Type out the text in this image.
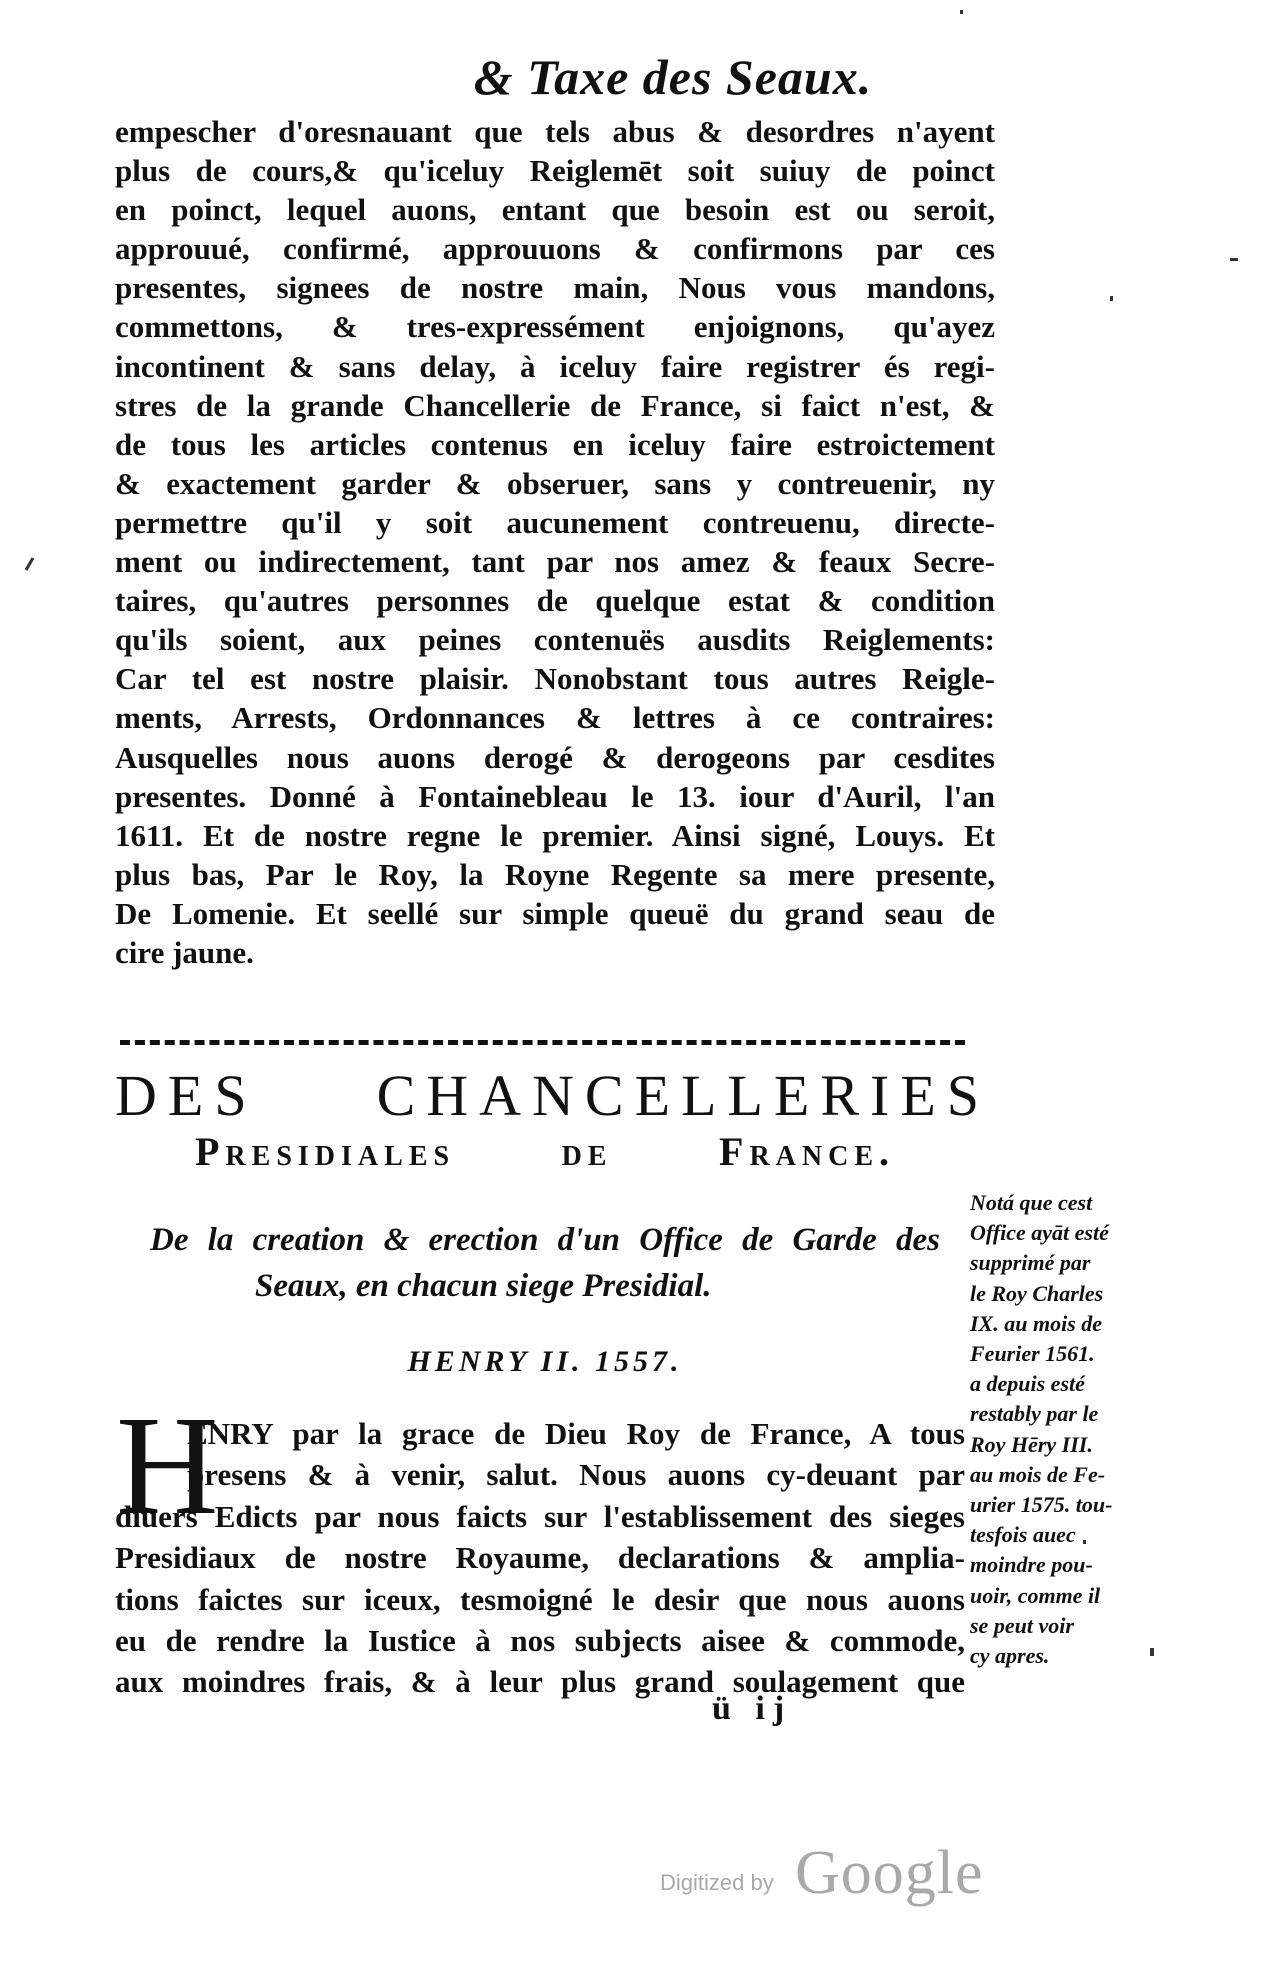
& Taxe des Seaux.
empescher d'oresnauant que tels abus & desordres n'ayent
plus de cours,& qu'iceluy Reiglemēt soit suiuy de poinct
en poinct, lequel auons, entant que besoin est ou seroit,
approuué, confirmé, approuuons & confirmons par ces
presentes, signees de nostre main, Nous vous mandons,
commettons, & tres-expressément enjoignons, qu'ayez
incontinent & sans delay, à iceluy faire registrer és regi-
stres de la grande Chancellerie de France, si faict n'est, &
de tous les articles contenus en iceluy faire estroictement
& exactement garder & obseruer, sans y contreuenir, ny
permettre qu'il y soit aucunement contreuenu, directe-
ment ou indirectement, tant par nos amez & feaux Secre-
taires, qu'autres personnes de quelque estat & condition
qu'ils soient, aux peines contenuës ausdits Reiglements:
Car tel est nostre plaisir. Nonobstant tous autres Reigle-
ments, Arrests, Ordonnances & lettres à ce contraires:
Ausquelles nous auons derogé & derogeons par cesdites
presentes. Donné à Fontainebleau le 13. iour d'Auril, l'an
1611. Et de nostre regne le premier. Ainsi signé, Louys. Et
plus bas, Par le Roy, la Royne Regente sa mere presente,
De Lomenie. Et seellé sur simple queuë du grand seau de
cire jaune.
DES CHANCELLERIES
Presidiales de France.
De la creation & erection d'un Office de Garde des
Seaux, en chacun siege Presidial.
HENRY II. 1557.
H
ENRY par la grace de Dieu Roy de France, A tous
presens & à venir, salut. Nous auons cy-deuant par
diuers Edicts par nous faicts sur l'establissement des sieges
Presidiaux de nostre Royaume, declarations & amplia-
tions faictes sur iceux, tesmoigné le desir que nous auons
eu de rendre la Iustice à nos subjects aisee & commode,
aux moindres frais, & à leur plus grand soulagement que
Notá que cest
Office ayāt esté
supprimé par
le Roy Charles
IX. au mois de
Feurier 1561.
a depuis esté
restably par le
Roy Hēry III.
au mois de Fe-
urier 1575. tou-
tesfois auec
moindre pou-
uoir, comme il
se peut voir
cy apres.
ü ij
Digitized by Google
